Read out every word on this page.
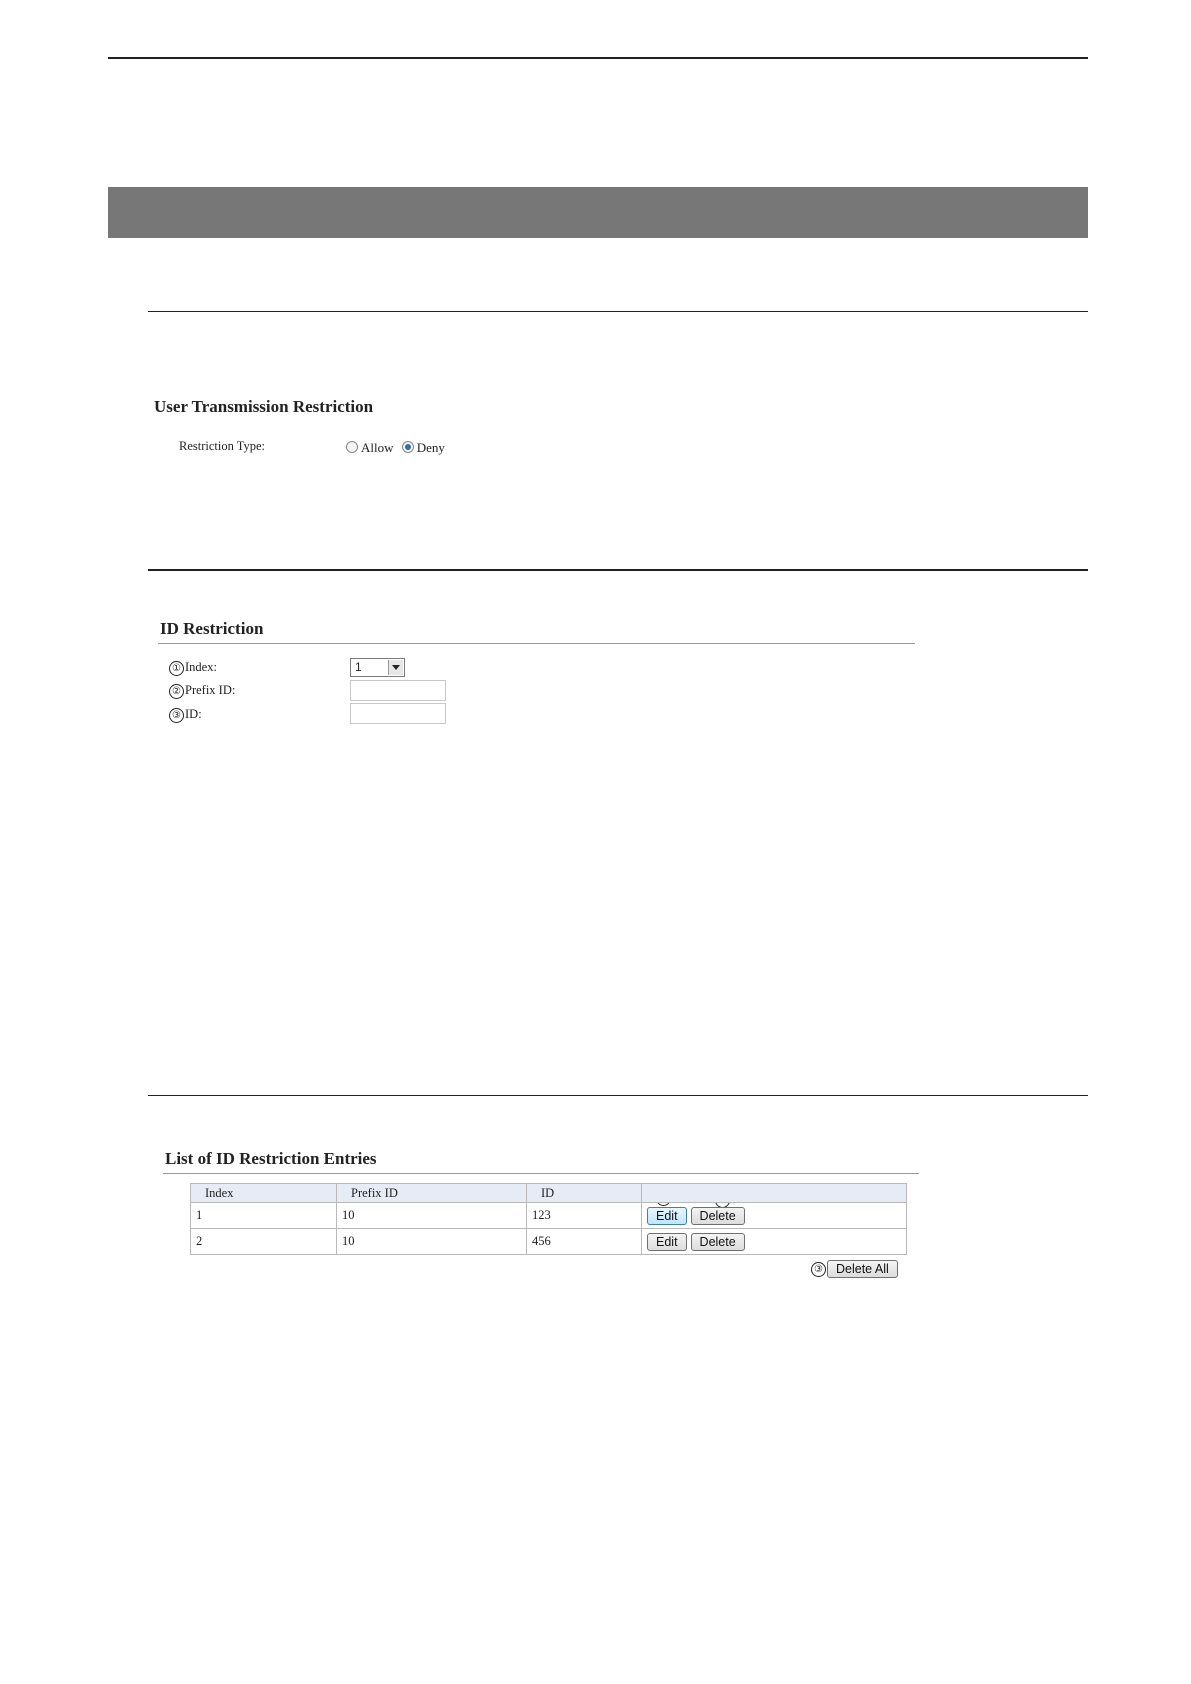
User Transmission Restriction
Restriction Type:	Allow Deny
ID Restriction
① Index:	1
② Prefix ID:
③ ID:
List of ID Restriction Entries
Index	Prefix ID	ID	
1	10	123	Edit Delete
2	10	456	Edit Delete
③ Delete All
